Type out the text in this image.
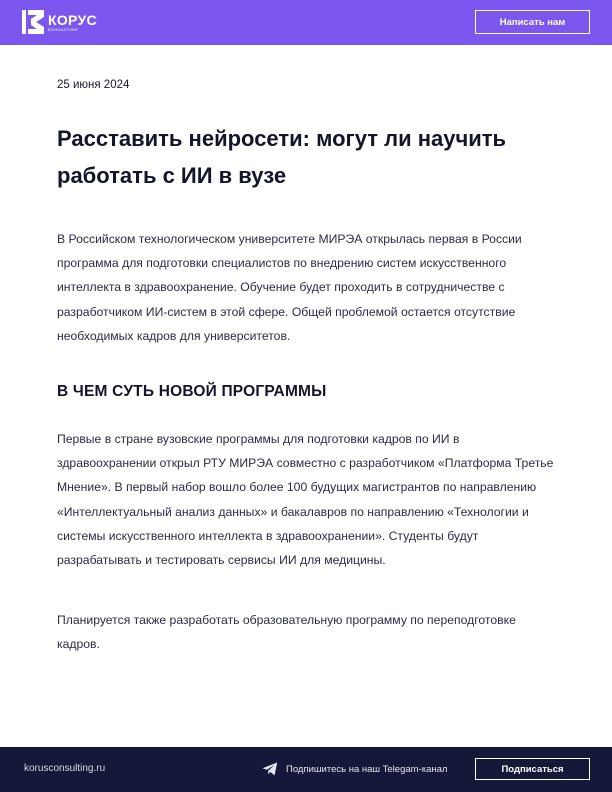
КОРУС
КОНСАЛТИНГ
Написать нам
25 июня 2024
Расставить нейросети: могут ли научить работать с ИИ в вузе

В Российском технологическом университете МИРЭА открылась первая в России программа для подготовки специалистов по внедрению систем искусственного интеллекта в здравоохранение. Обучение будет проходить в сотрудничестве с разработчиком ИИ-систем в этой сфере. Общей проблемой остается отсутствие необходимых кадров для университетов.

В ЧЕМ СУТЬ НОВОЙ ПРОГРАММЫ

Первые в стране вузовские программы для подготовки кадров по ИИ в здравоохранении открыл РТУ МИРЭА совместно с разработчиком «Платформа Третье Мнение». В первый набор вошло более 100 будущих магистрантов по направлению «Интеллектуальный анализ данных» и бакалавров по направлению «Технологии и системы искусственного интеллекта в здравоохранении». Студенты будут разрабатывать и тестировать сервисы ИИ для медицины.

Планируется также разработать образовательную программу по переподготовке кадров.

korusconsulting.ru	Подпишитесь на наш Telegam-канал	Подписаться
